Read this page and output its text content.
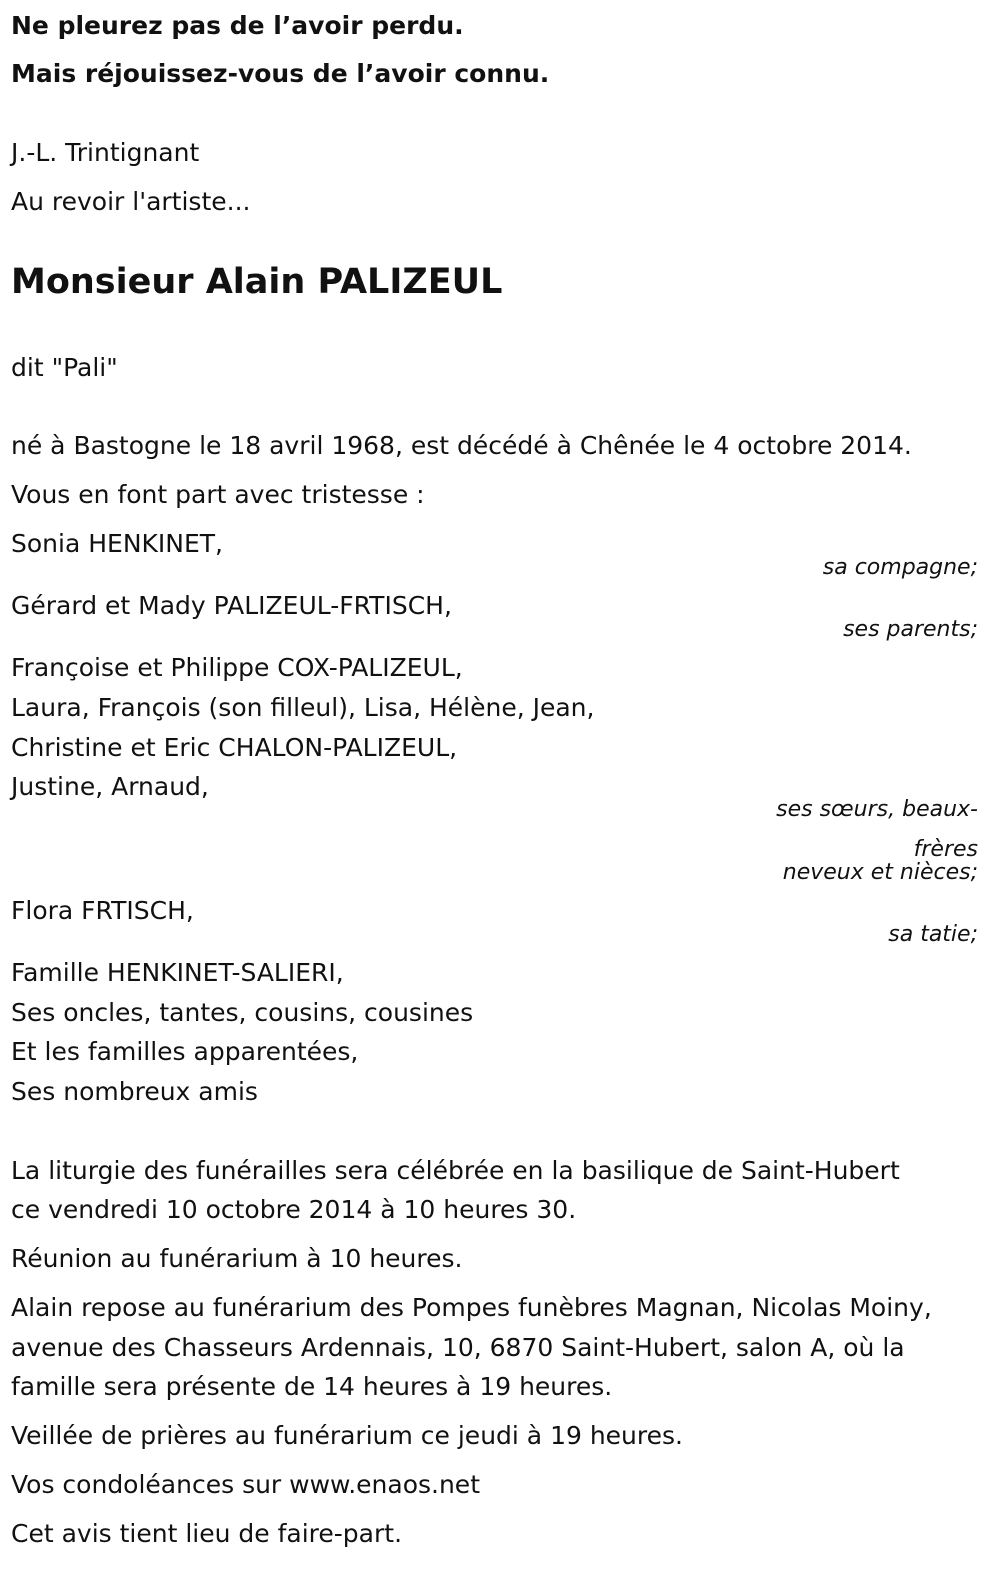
Ne pleurez pas de l’avoir perdu.
Mais réjouissez-vous de l’avoir connu.
J.-L. Trintignant
Au revoir l'artiste...
Monsieur Alain PALIZEUL
dit "Pali"
né à Bastogne le 18 avril 1968, est décédé à Chênée le 4 octobre 2014.
Vous en font part avec tristesse :
Sonia HENKINET,
sa compagne;
Gérard et Mady PALIZEUL-FRTISCH,
ses parents;
Françoise et Philippe COX-PALIZEUL,
Laura, François (son filleul), Lisa, Hélène, Jean,
Christine et Eric CHALON-PALIZEUL,
Justine, Arnaud,
ses sœurs, beaux-
frères
neveux et nièces;
Flora FRTISCH,
sa tatie;
Famille HENKINET-SALIERI,
Ses oncles, tantes, cousins, cousines
Et les familles apparentées,
Ses nombreux amis
La liturgie des funérailles sera célébrée en la basilique de Saint-Hubert
ce vendredi 10 octobre 2014 à 10 heures 30.
Réunion au funérarium à 10 heures.
Alain repose au funérarium des Pompes funèbres Magnan, Nicolas Moiny,
avenue des Chasseurs Ardennais, 10, 6870 Saint-Hubert, salon A, où la
famille sera présente de 14 heures à 19 heures.
Veillée de prières au funérarium ce jeudi à 19 heures.
Vos condoléances sur www.enaos.net
Cet avis tient lieu de faire-part.
